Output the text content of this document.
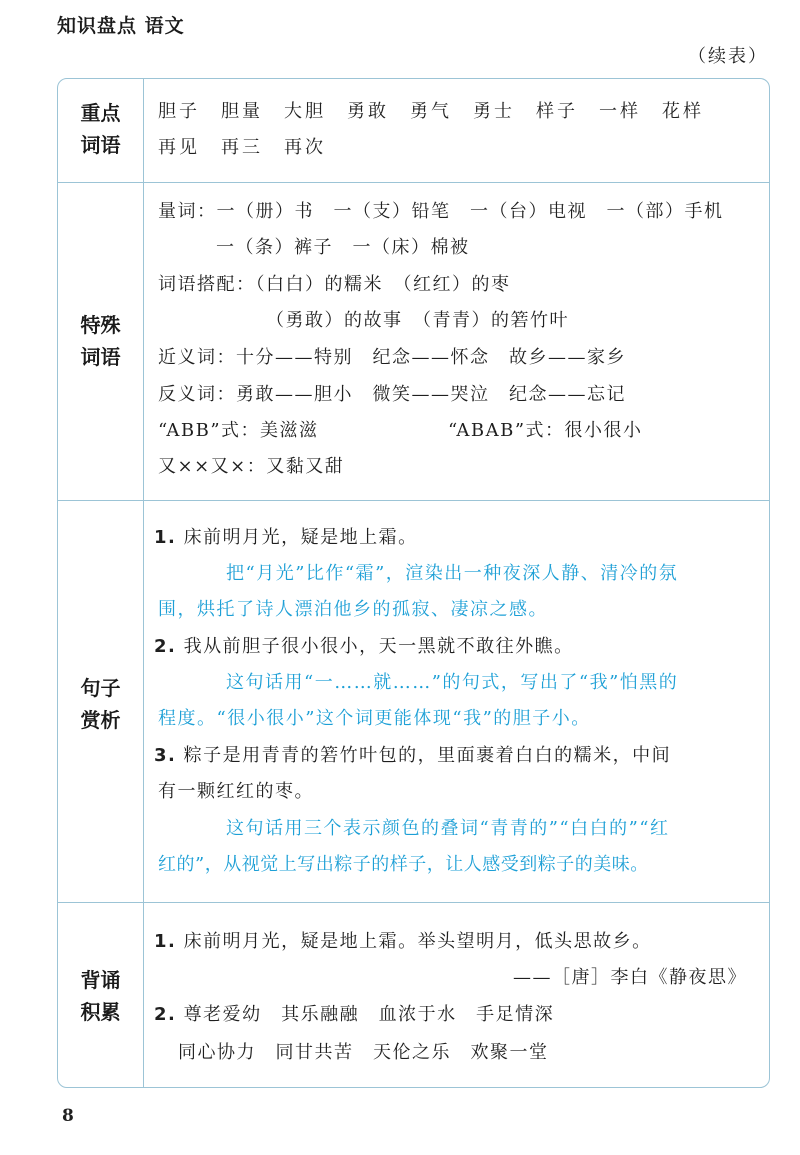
知识盘点 语文
（续表）
重点
词语
胆子　胆量　大胆　勇敢　勇气　勇士　样子　一样　花样
再见　再三　再次
特殊
词语
量词：一（册）书　一（支）铅笔　一（台）电视　一（部）手机
一（条）裤子　一（床）棉被
词语搭配：（白白）的糯米　（红红）的枣
（勇敢）的故事　（青青）的箬竹叶
近义词：十分——特别　纪念——怀念　故乡——家乡
反义词：勇敢——胆小　微笑——哭泣　纪念——忘记
“ABB”式：美滋滋	“ABAB”式：很小很小
又××又×：又黏又甜
句子
赏析
1. 床前明月光，疑是地上霜。
把“月光”比作“霜”，渲染出一种夜深人静、清冷的氛
围，烘托了诗人漂泊他乡的孤寂、凄凉之感。
2. 我从前胆子很小很小，天一黑就不敢往外瞧。
这句话用“一……就……”的句式，写出了“我”怕黑的
程度。“很小很小”这个词更能体现“我”的胆子小。
3. 粽子是用青青的箬竹叶包的，里面裹着白白的糯米，中间
有一颗红红的枣。
这句话用三个表示颜色的叠词“青青的”“白白的”“红
红的”，从视觉上写出粽子的样子，让人感受到粽子的美味。
背诵
积累
1. 床前明月光，疑是地上霜。举头望明月，低头思故乡。
——［唐］李白《静夜思》
2. 尊老爱幼　其乐融融　血浓于水　手足情深
同心协力　同甘共苦　天伦之乐　欢聚一堂
8
